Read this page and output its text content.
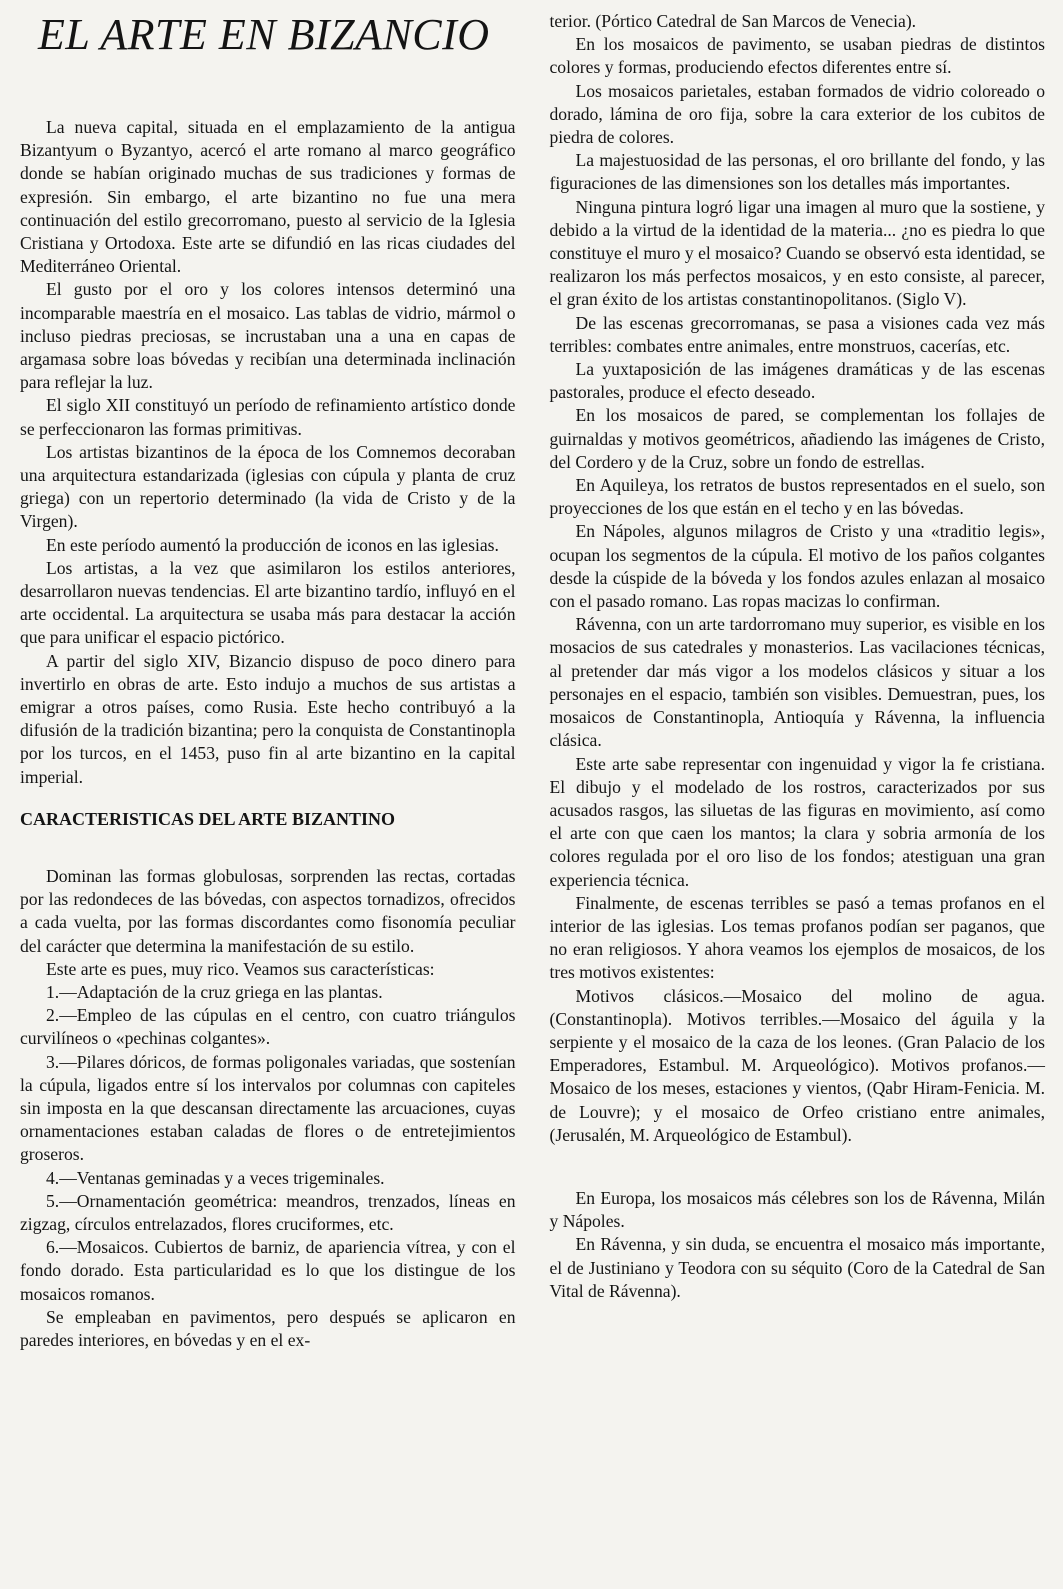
EL ARTE EN BIZANCIO

La nueva capital, situada en el emplazamiento de la antigua Bizantyum o Byzantyo, acercó el arte romano al marco geográfico donde se habían originado muchas de sus tradiciones y formas de expresión. Sin embargo, el arte bizantino no fue una mera continuación del estilo grecorromano, puesto al servicio de la Iglesia Cristiana y Ortodoxa. Este arte se difundió en las ricas ciudades del Mediterráneo Oriental.

El gusto por el oro y los colores intensos determinó una incomparable maestría en el mosaico. Las tablas de vidrio, mármol o incluso piedras preciosas, se incrustaban una a una en capas de argamasa sobre loas bóvedas y recibían una determinada inclinación para reflejar la luz.

El siglo XII constituyó un período de refinamiento artístico donde se perfeccionaron las formas primitivas.

Los artistas bizantinos de la época de los Comnemos decoraban una arquitectura estandarizada (iglesias con cúpula y planta de cruz griega) con un repertorio determinado (la vida de Cristo y de la Virgen).

En este período aumentó la producción de iconos en las iglesias.

Los artistas, a la vez que asimilaron los estilos anteriores, desarrollaron nuevas tendencias. El arte bizantino tardío, influyó en el arte occidental. La arquitectura se usaba más para destacar la acción que para unificar el espacio pictórico.

A partir del siglo XIV, Bizancio dispuso de poco dinero para invertirlo en obras de arte. Esto indujo a muchos de sus artistas a emigrar a otros países, como Rusia. Este hecho contribuyó a la difusión de la tradición bizantina; pero la conquista de Constantinopla por los turcos, en el 1453, puso fin al arte bizantino en la capital imperial.

CARACTERISTICAS DEL ARTE BIZANTINO

Dominan las formas globulosas, sorprenden las rectas, cortadas por las redondeces de las bóvedas, con aspectos tornadizos, ofrecidos a cada vuelta, por las formas discordantes como fisonomía peculiar del carácter que determina la manifestación de su estilo.

Este arte es pues, muy rico. Veamos sus características:

1.—Adaptación de la cruz griega en las plantas.

2.—Empleo de las cúpulas en el centro, con cuatro triángulos curvilíneos o «pechinas colgantes».

3.—Pilares dóricos, de formas poligonales variadas, que sostenían la cúpula, ligados entre sí los intervalos por columnas con capiteles sin imposta en la que descansan directamente las arcuaciones, cuyas ornamentaciones estaban caladas de flores o de entretejimientos groseros.

4.—Ventanas geminadas y a veces trigeminales.

5.—Ornamentación geométrica: meandros, trenzados, líneas en zigzag, círculos entrelazados, flores cruciformes, etc.

6.—Mosaicos. Cubiertos de barniz, de apariencia vítrea, y con el fondo dorado. Esta particularidad es lo que los distingue de los mosaicos romanos.

Se empleaban en pavimentos, pero después se aplicaron en paredes interiores, en bóvedas y en el ex-

terior. (Pórtico Catedral de San Marcos de Venecia).

En los mosaicos de pavimento, se usaban piedras de distintos colores y formas, produciendo efectos diferentes entre sí.

Los mosaicos parietales, estaban formados de vidrio coloreado o dorado, lámina de oro fija, sobre la cara exterior de los cubitos de piedra de colores.

La majestuosidad de las personas, el oro brillante del fondo, y las figuraciones de las dimensiones son los detalles más importantes.

Ninguna pintura logró ligar una imagen al muro que la sostiene, y debido a la virtud de la identidad de la materia... ¿no es piedra lo que constituye el muro y el mosaico? Cuando se observó esta identidad, se realizaron los más perfectos mosaicos, y en esto consiste, al parecer, el gran éxito de los artistas constantinopolitanos. (Siglo V).

De las escenas grecorromanas, se pasa a visiones cada vez más terribles: combates entre animales, entre monstruos, cacerías, etc.

La yuxtaposición de las imágenes dramáticas y de las escenas pastorales, produce el efecto deseado.

En los mosaicos de pared, se complementan los follajes de guirnaldas y motivos geométricos, añadiendo las imágenes de Cristo, del Cordero y de la Cruz, sobre un fondo de estrellas.

En Aquileya, los retratos de bustos representados en el suelo, son proyecciones de los que están en el techo y en las bóvedas.

En Nápoles, algunos milagros de Cristo y una «traditio legis», ocupan los segmentos de la cúpula. El motivo de los paños colgantes desde la cúspide de la bóveda y los fondos azules enlazan al mosaico con el pasado romano. Las ropas macizas lo confirman.

Rávenna, con un arte tardorromano muy superior, es visible en los mosacios de sus catedrales y monasterios. Las vacilaciones técnicas, al pretender dar más vigor a los modelos clásicos y situar a los personajes en el espacio, también son visibles. Demuestran, pues, los mosaicos de Constantinopla, Antioquía y Rávenna, la influencia clásica.

Este arte sabe representar con ingenuidad y vigor la fe cristiana. El dibujo y el modelado de los rostros, caracterizados por sus acusados rasgos, las siluetas de las figuras en movimiento, así como el arte con que caen los mantos; la clara y sobria armonía de los colores regulada por el oro liso de los fondos; atestiguan una gran experiencia técnica.

Finalmente, de escenas terribles se pasó a temas profanos en el interior de las iglesias. Los temas profanos podían ser paganos, que no eran religiosos. Y ahora veamos los ejemplos de mosaicos, de los tres motivos existentes:

Motivos clásicos.—Mosaico del molino de agua. (Constantinopla). Motivos terribles.—Mosaico del águila y la serpiente y el mosaico de la caza de los leones. (Gran Palacio de los Emperadores, Estambul. M. Arqueológico). Motivos profanos.—Mosaico de los meses, estaciones y vientos, (Qabr Hiram-Fenicia. M. de Louvre); y el mosaico de Orfeo cristiano entre animales, (Jerusalén, M. Arqueológico de Estambul).

En Europa, los mosaicos más célebres son los de Rávenna, Milán y Nápoles.

En Rávenna, y sin duda, se encuentra el mosaico más importante, el de Justiniano y Teodora con su séquito (Coro de la Catedral de San Vital de Rávenna).
